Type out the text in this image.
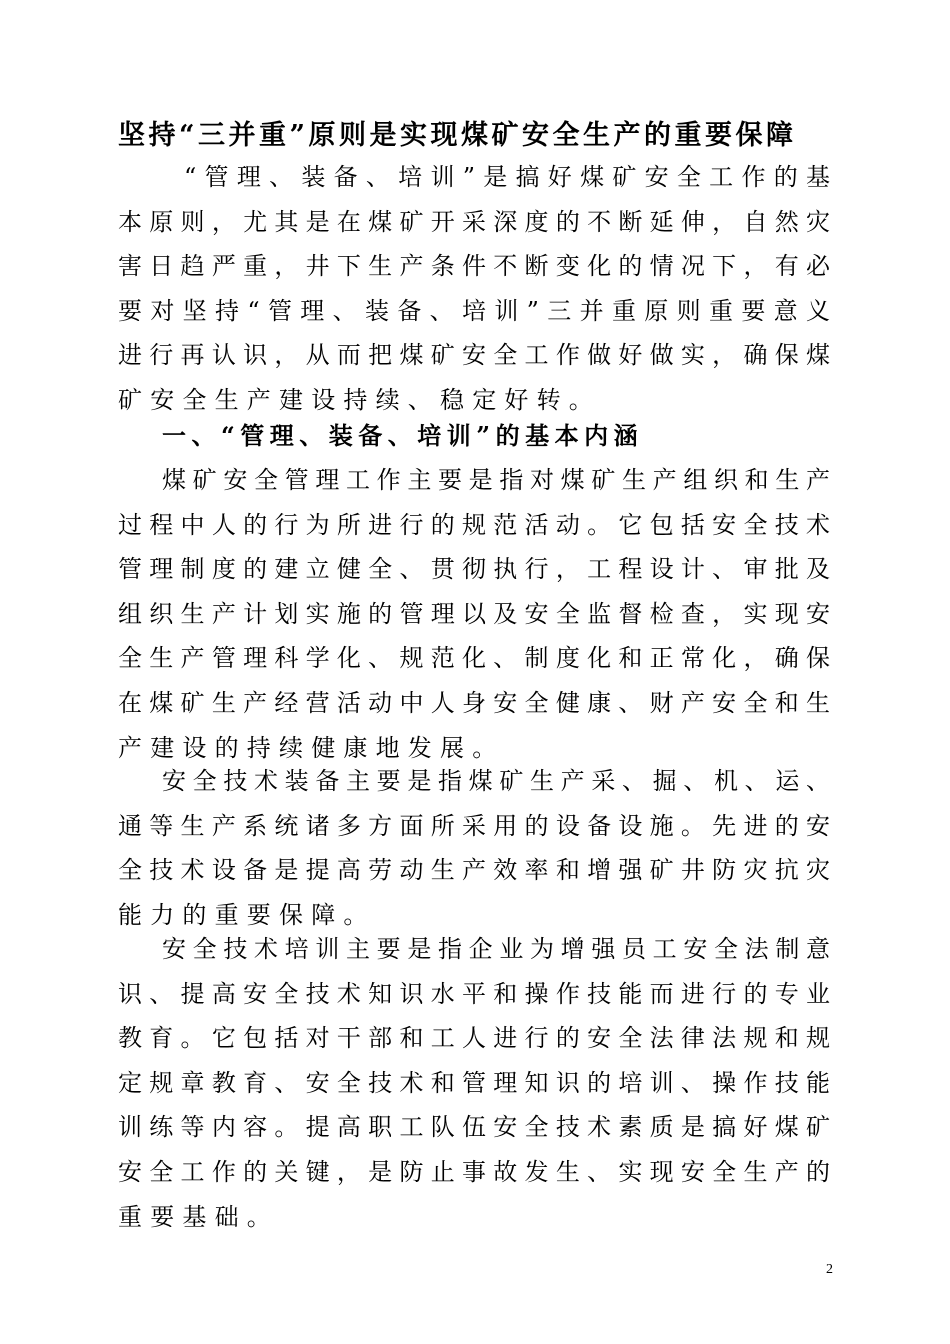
坚持“三并重”原则是实现煤矿安全生产的重要保障
“管理、装备、培训”是搞好煤矿安全工作的基
本原则，尤其是在煤矿开采深度的不断延伸，自然灾
害日趋严重，井下生产条件不断变化的情况下，有必
要对坚持“管理、装备、培训”三并重原则重要意义
进行再认识，从而把煤矿安全工作做好做实，确保煤
矿安全生产建设持续、稳定好转。
一、“管理、装备、培训”的基本内涵
煤矿安全管理工作主要是指对煤矿生产组织和生产
过程中人的行为所进行的规范活动。它包括安全技术
管理制度的建立健全、贯彻执行，工程设计、审批及
组织生产计划实施的管理以及安全监督检查，实现安
全生产管理科学化、规范化、制度化和正常化，确保
在煤矿生产经营活动中人身安全健康、财产安全和生
产建设的持续健康地发展。
安全技术装备主要是指煤矿生产采、掘、机、运、
通等生产系统诸多方面所采用的设备设施。先进的安
全技术设备是提高劳动生产效率和增强矿井防灾抗灾
能力的重要保障。
安全技术培训主要是指企业为增强员工安全法制意
识、提高安全技术知识水平和操作技能而进行的专业
教育。它包括对干部和工人进行的安全法律法规和规
定规章教育、安全技术和管理知识的培训、操作技能
训练等内容。提高职工队伍安全技术素质是搞好煤矿
安全工作的关键，是防止事故发生、实现安全生产的
重要基础。
2
